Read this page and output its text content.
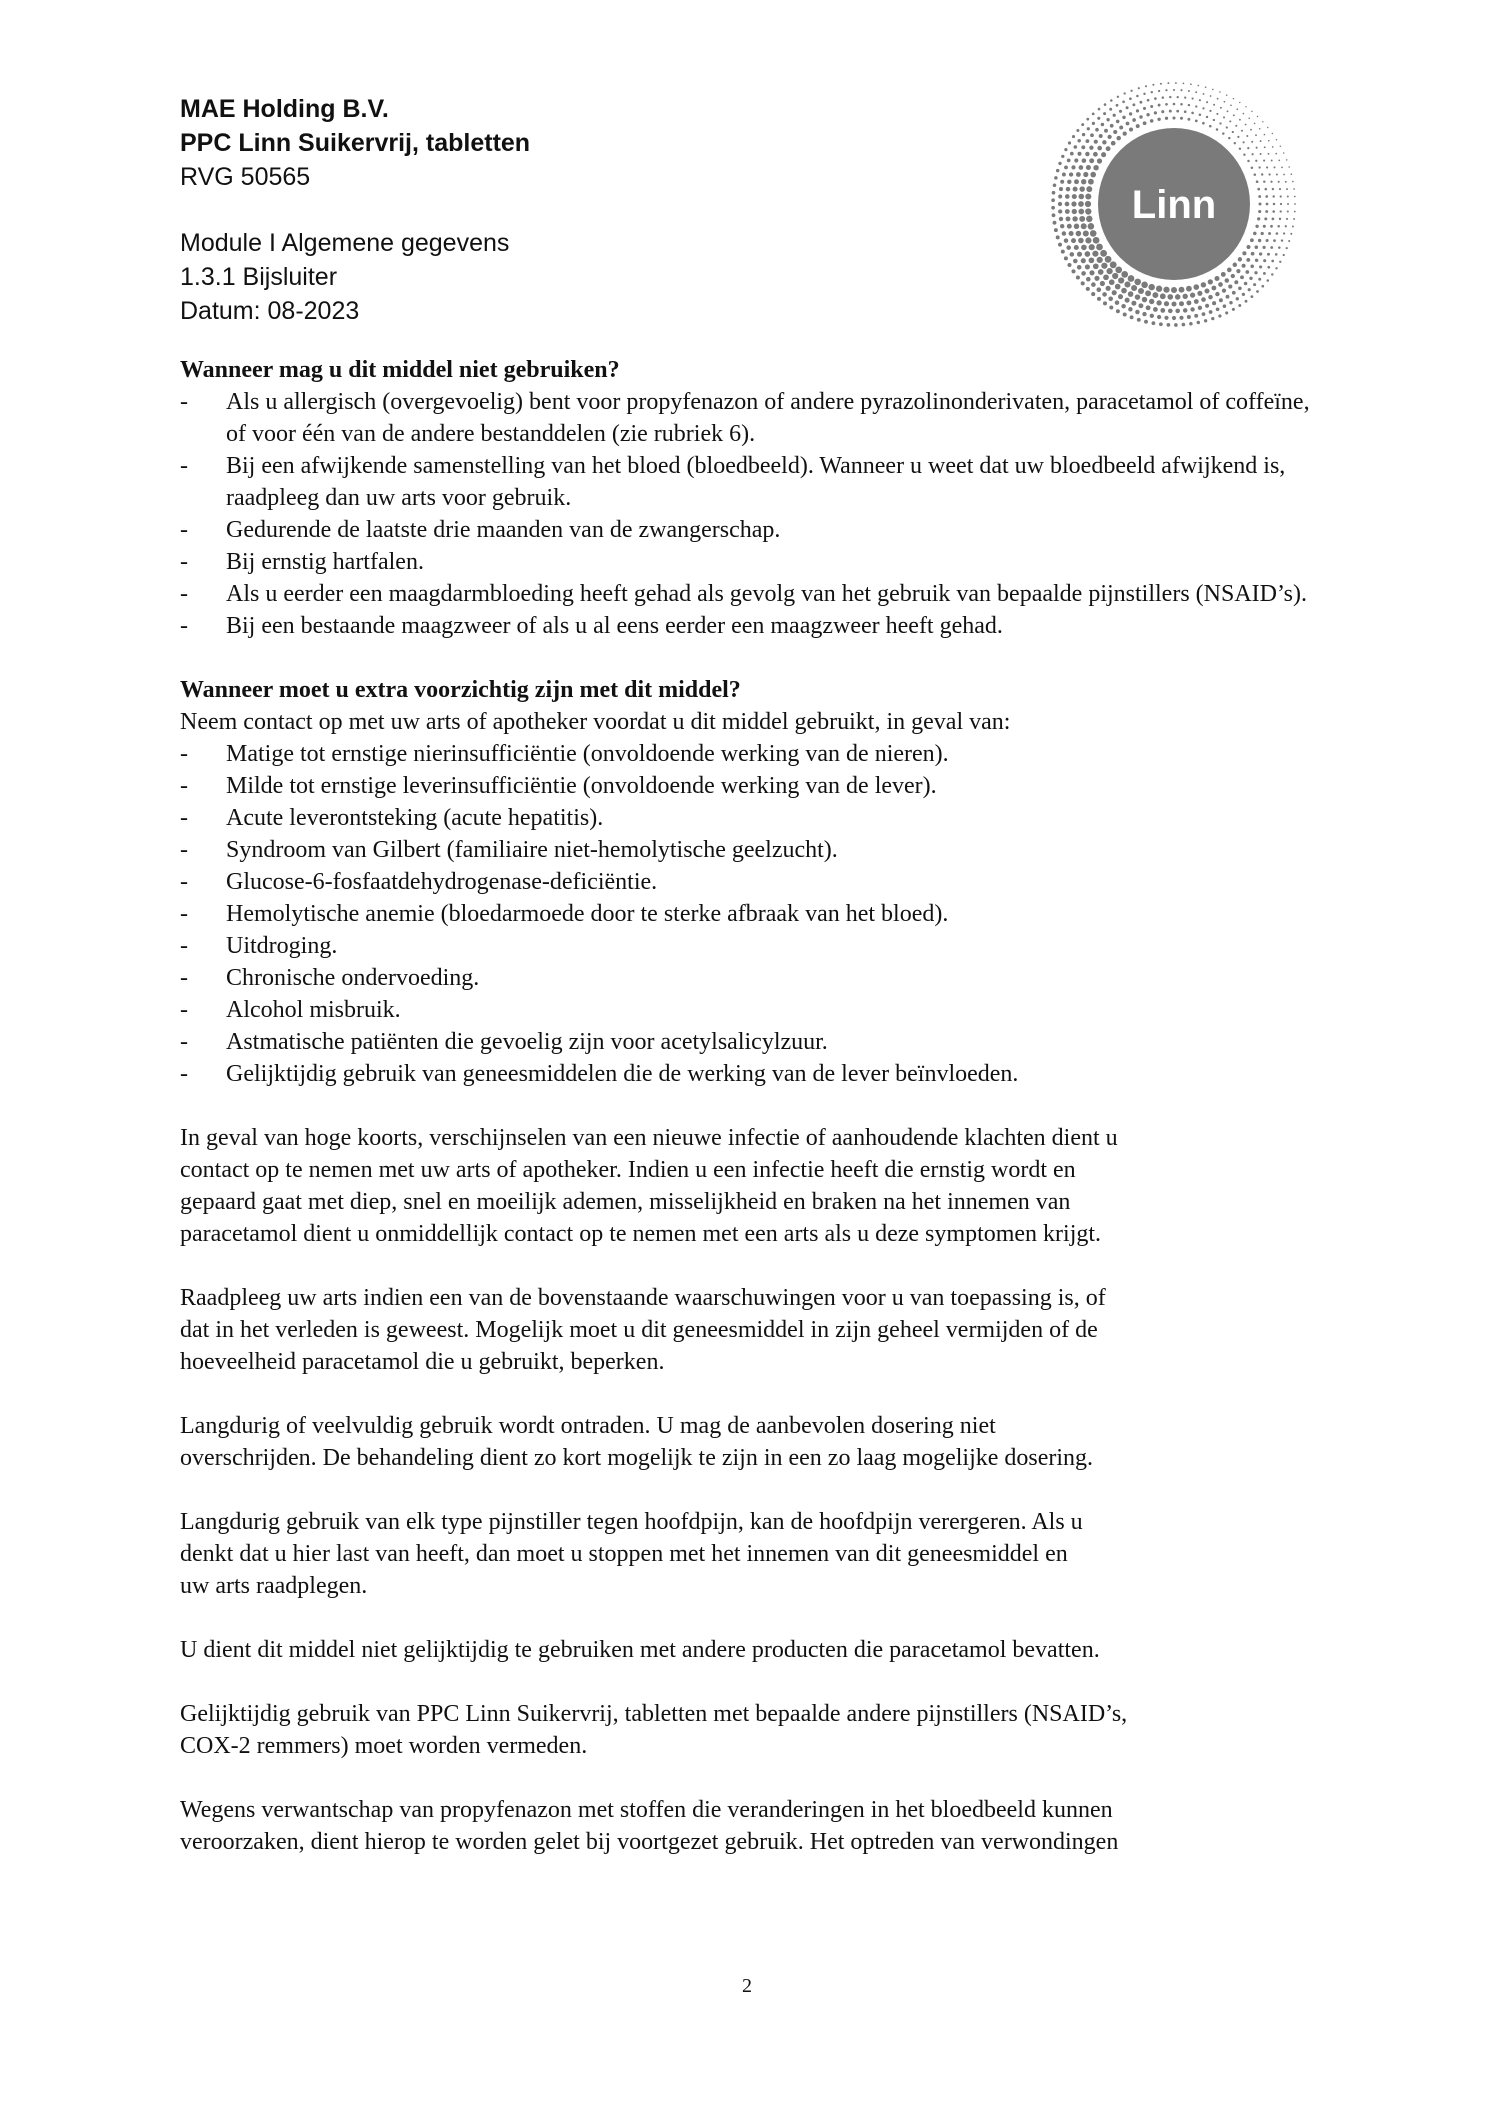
MAE Holding B.V.
PPC Linn Suikervrij, tabletten
RVG 50565
Module I Algemene gegevens
1.3.1 Bijsluiter
Datum: 08-2023
Linn
Wanneer mag u dit middel niet gebruiken?
- Als u allergisch (overgevoelig) bent voor propyfenazon of andere pyrazolinonderivaten, paracetamol of coffeïne, of voor één van de andere bestanddelen (zie rubriek 6).
- Bij een afwijkende samenstelling van het bloed (bloedbeeld). Wanneer u weet dat uw bloedbeeld afwijkend is, raadpleeg dan uw arts voor gebruik.
- Gedurende de laatste drie maanden van de zwangerschap.
- Bij ernstig hartfalen.
- Als u eerder een maagdarmbloeding heeft gehad als gevolg van het gebruik van bepaalde pijnstillers (NSAID’s).
- Bij een bestaande maagzweer of als u al eens eerder een maagzweer heeft gehad.
Wanneer moet u extra voorzichtig zijn met dit middel?
Neem contact op met uw arts of apotheker voordat u dit middel gebruikt, in geval van:
- Matige tot ernstige nierinsufficiëntie (onvoldoende werking van de nieren).
- Milde tot ernstige leverinsufficiëntie (onvoldoende werking van de lever).
- Acute leverontsteking (acute hepatitis).
- Syndroom van Gilbert (familiaire niet-hemolytische geelzucht).
- Glucose-6-fosfaatdehydrogenase-deficiëntie.
- Hemolytische anemie (bloedarmoede door te sterke afbraak van het bloed).
- Uitdroging.
- Chronische ondervoeding.
- Alcohol misbruik.
- Astmatische patiënten die gevoelig zijn voor acetylsalicylzuur.
- Gelijktijdig gebruik van geneesmiddelen die de werking van de lever beïnvloeden.
In geval van hoge koorts, verschijnselen van een nieuwe infectie of aanhoudende klachten dient u
contact op te nemen met uw arts of apotheker. Indien u een infectie heeft die ernstig wordt en
gepaard gaat met diep, snel en moeilijk ademen, misselijkheid en braken na het innemen van
paracetamol dient u onmiddellijk contact op te nemen met een arts als u deze symptomen krijgt.
Raadpleeg uw arts indien een van de bovenstaande waarschuwingen voor u van toepassing is, of
dat in het verleden is geweest. Mogelijk moet u dit geneesmiddel in zijn geheel vermijden of de
hoeveelheid paracetamol die u gebruikt, beperken.
Langdurig of veelvuldig gebruik wordt ontraden. U mag de aanbevolen dosering niet
overschrijden. De behandeling dient zo kort mogelijk te zijn in een zo laag mogelijke dosering.
Langdurig gebruik van elk type pijnstiller tegen hoofdpijn, kan de hoofdpijn verergeren. Als u
denkt dat u hier last van heeft, dan moet u stoppen met het innemen van dit geneesmiddel en
uw arts raadplegen.
U dient dit middel niet gelijktijdig te gebruiken met andere producten die paracetamol bevatten.
Gelijktijdig gebruik van PPC Linn Suikervrij, tabletten met bepaalde andere pijnstillers (NSAID’s,
COX-2 remmers) moet worden vermeden.
Wegens verwantschap van propyfenazon met stoffen die veranderingen in het bloedbeeld kunnen
veroorzaken, dient hierop te worden gelet bij voortgezet gebruik. Het optreden van verwondingen
2
